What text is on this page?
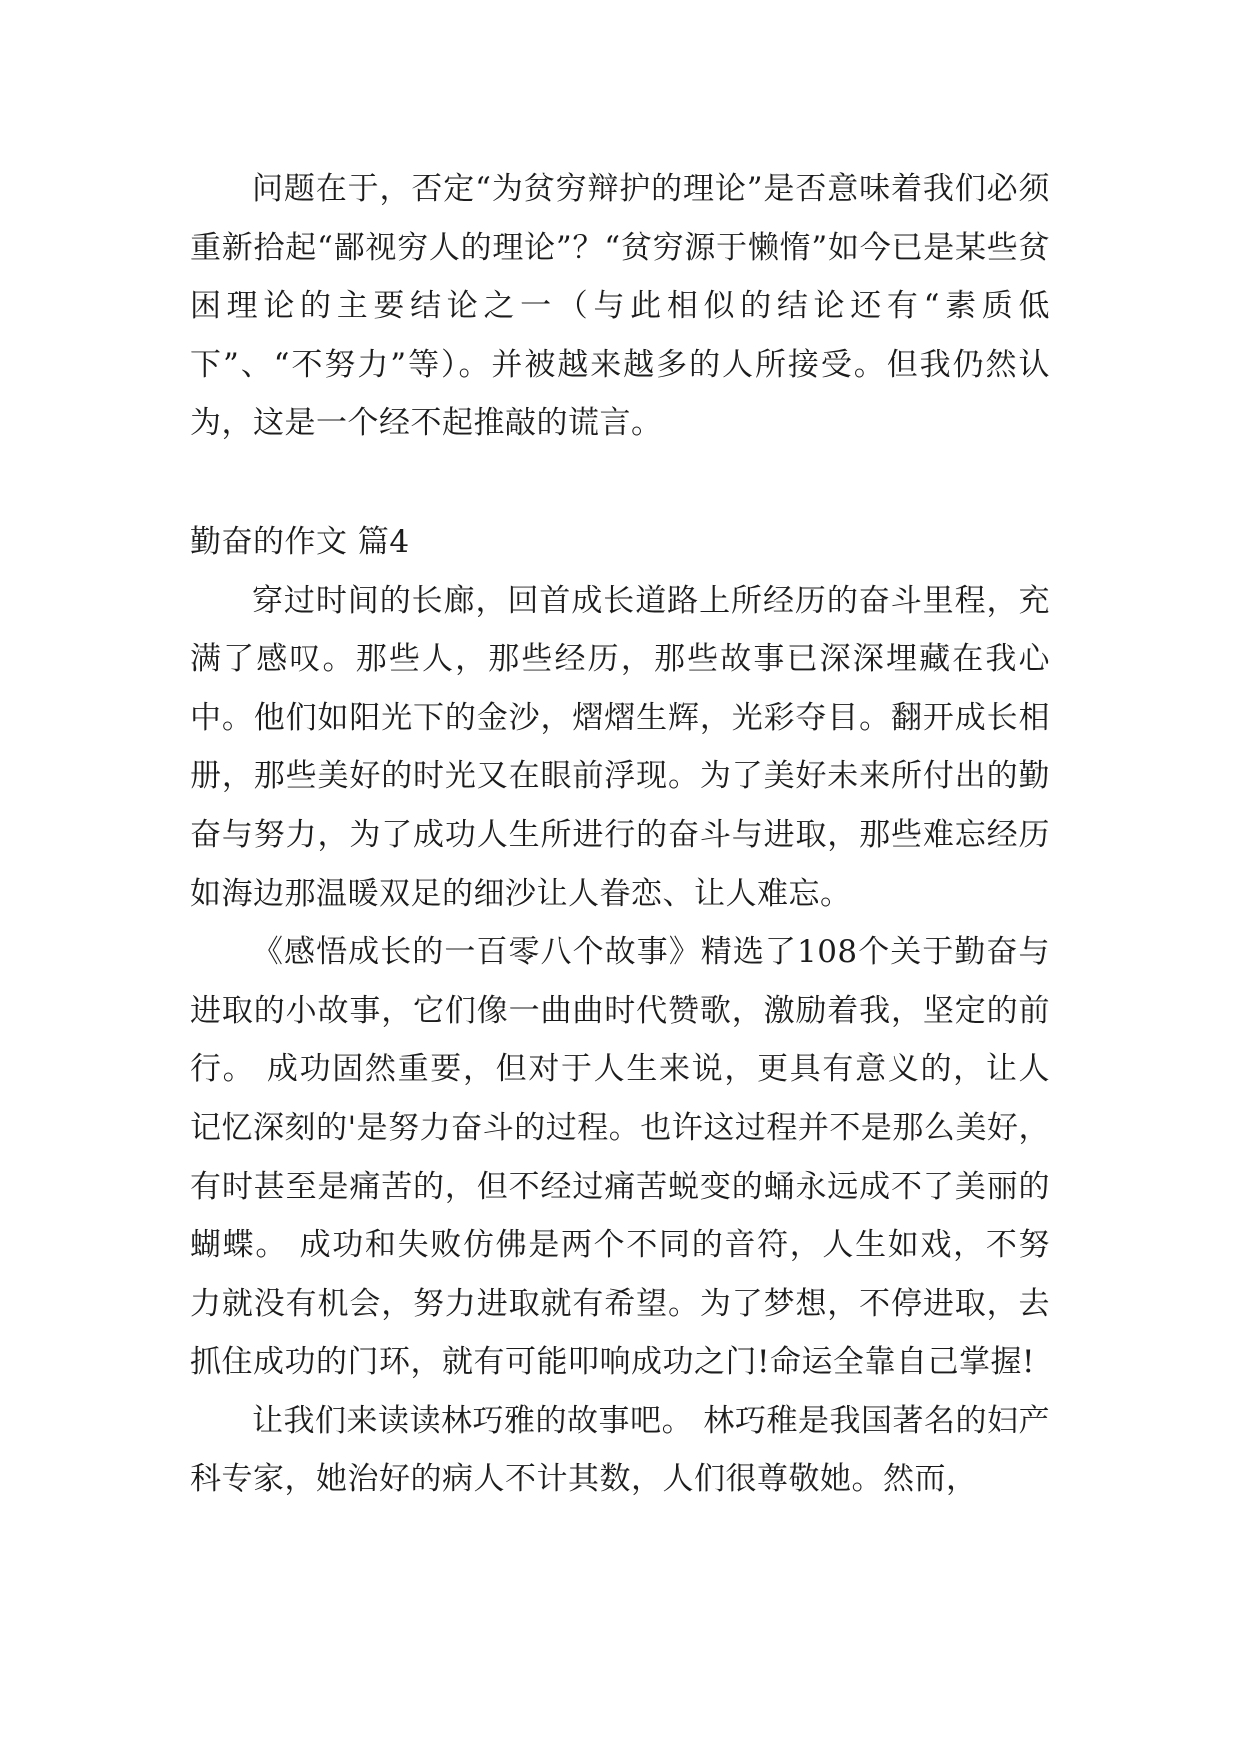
问题在于，否定“为贫穷辩护的理论”是否意味着我们必须重新拾起“鄙视穷人的理论”？“贫穷源于懒惰”如今已是某些贫困理论的主要结论之一（与此相似的结论还有“素质低下”、“不努力”等）。并被越来越多的人所接受。但我仍然认为，这是一个经不起推敲的谎言。

勤奋的作文 篇4

穿过时间的长廊，回首成长道路上所经历的奋斗里程，充满了感叹。那些人，那些经历，那些故事已深深埋藏在我心中。他们如阳光下的金沙，熠熠生辉，光彩夺目。翻开成长相册，那些美好的时光又在眼前浮现。为了美好未来所付出的勤奋与努力，为了成功人生所进行的奋斗与进取，那些难忘经历如海边那温暖双足的细沙让人眷恋、让人难忘。

《感悟成长的一百零八个故事》精选了108个关于勤奋与进取的小故事，它们像一曲曲时代赞歌，激励着我，坚定的前行。 成功固然重要，但对于人生来说，更具有意义的，让人记忆深刻的'是努力奋斗的过程。也许这过程并不是那么美好，有时甚至是痛苦的，但不经过痛苦蜕变的蛹永远成不了美丽的蝴蝶。 成功和失败仿佛是两个不同的音符，人生如戏，不努力就没有机会，努力进取就有希望。为了梦想，不停进取，去抓住成功的门环，就有可能叩响成功之门!命运全靠自己掌握!

让我们来读读林巧雅的故事吧。 林巧稚是我国著名的妇产科专家，她治好的病人不计其数，人们很尊敬她。然而，
